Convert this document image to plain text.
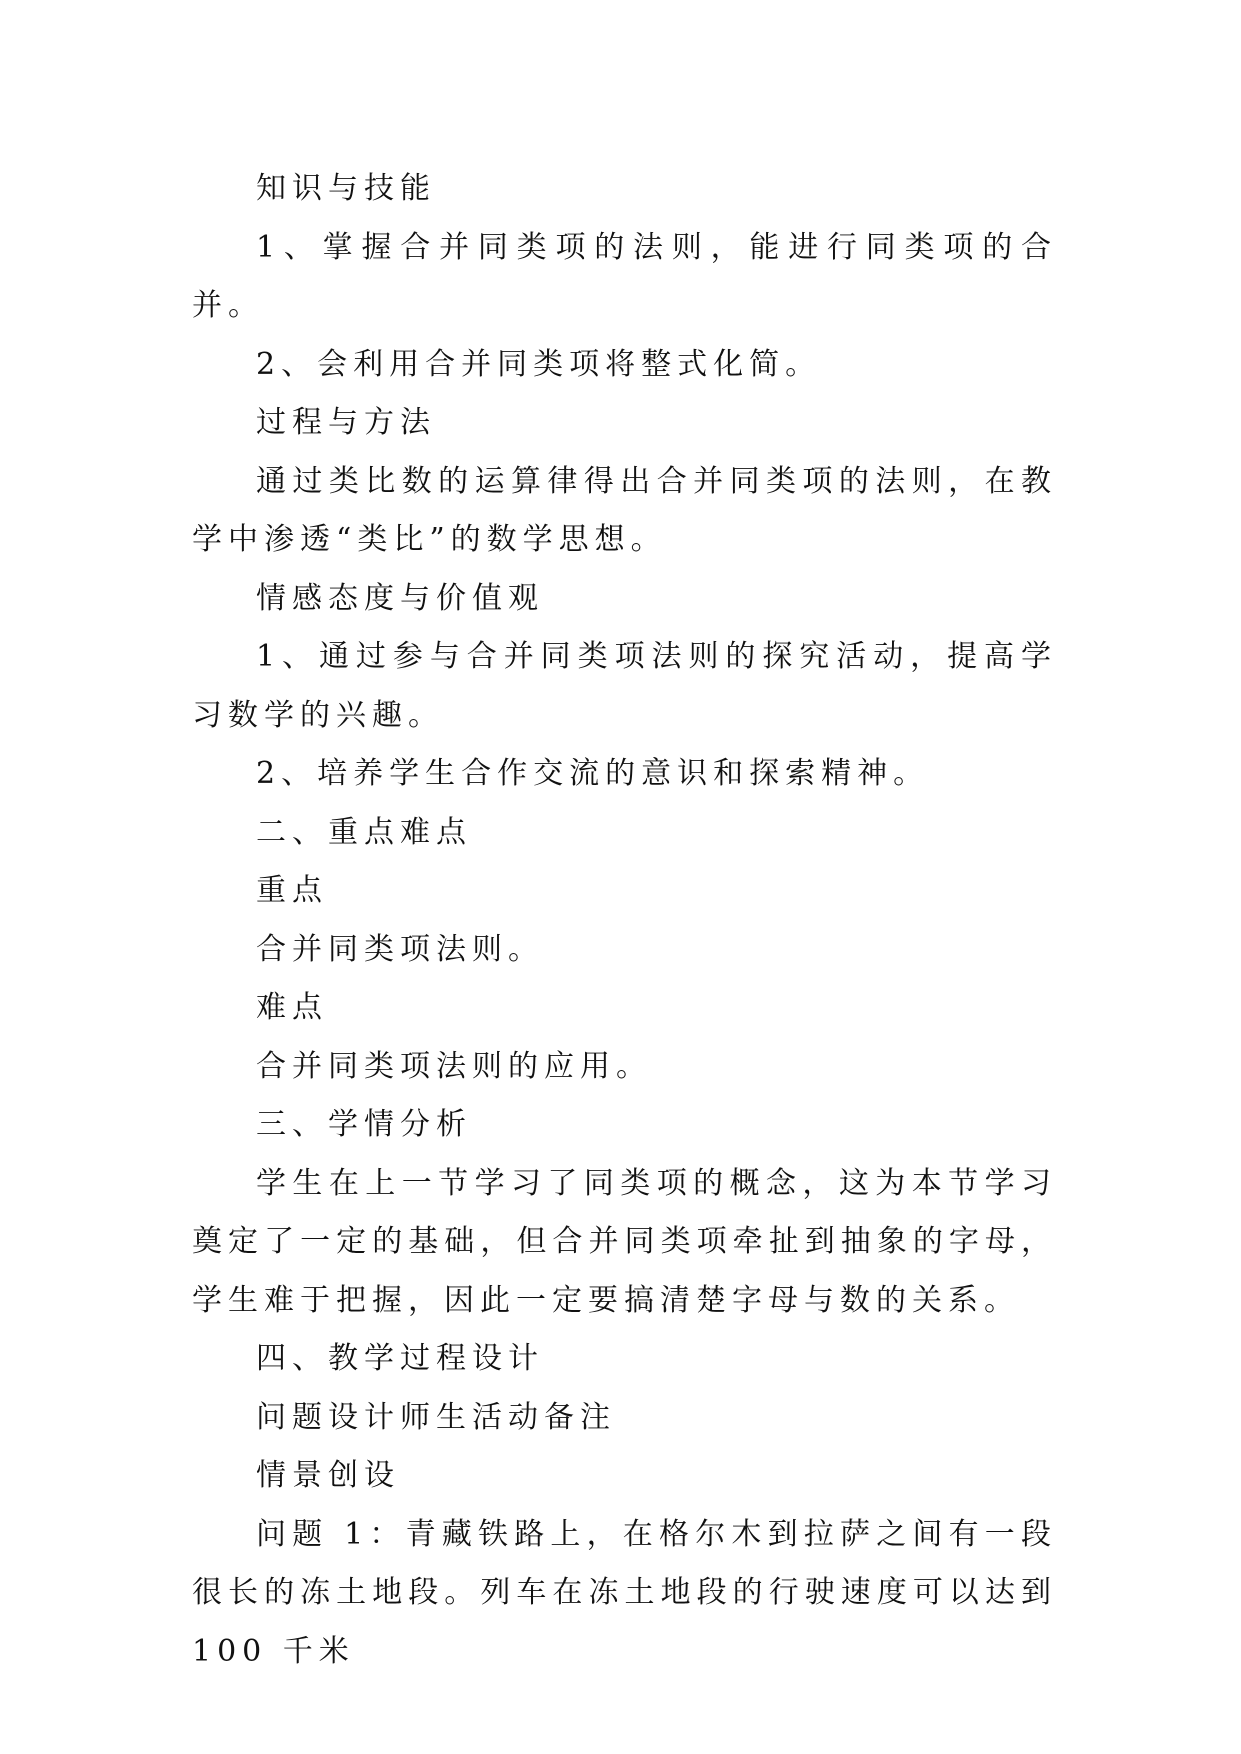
知识与技能

1、掌握合并同类项的法则，能进行同类项的合并。

2、会利用合并同类项将整式化简。

过程与方法

通过类比数的运算律得出合并同类项的法则，在教学中渗透“类比”的数学思想。

情感态度与价值观

1、通过参与合并同类项法则的探究活动，提高学习数学的兴趣。

2、培养学生合作交流的意识和探索精神。

二、重点难点

重点

合并同类项法则。

难点

合并同类项法则的应用。

三、学情分析

学生在上一节学习了同类项的概念，这为本节学习奠定了一定的基础，但合并同类项牵扯到抽象的字母，学生难于把握，因此一定要搞清楚字母与数的关系。

四、教学过程设计

问题设计师生活动备注

情景创设

问题 1：青藏铁路上，在格尔木到拉萨之间有一段很长的冻土地段。列车在冻土地段的行驶速度可以达到 100 千米
